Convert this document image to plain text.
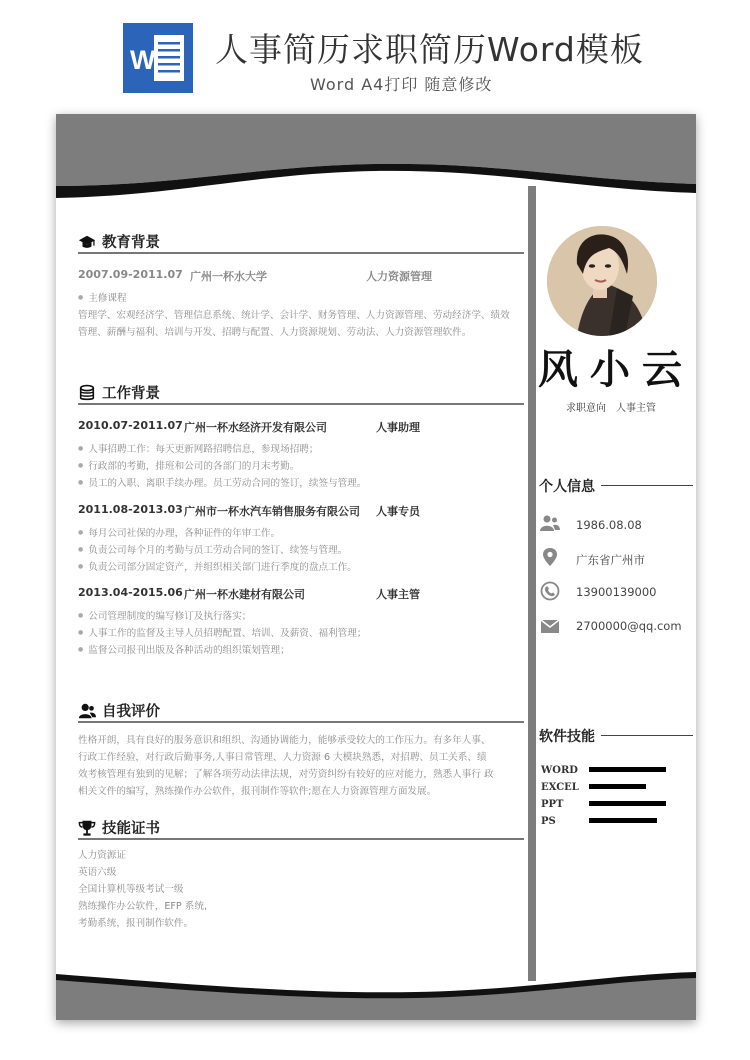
W 人事简历求职简历Word模板
Word A4打印 随意修改
教育背景
2007.09-2011.07 广州一杯水大学	人力资源管理
● 主修课程
管理学、宏观经济学、管理信息系统、统计学、会计学、财务管理、人力资源管理、劳动经济学、绩效管理、薪酬与福利、培训与开发、招聘与配置、人力资源规划、劳动法、人力资源管理软件。
工作背景
2010.07-2011.07 广州一杯水经济开发有限公司	人事助理
● 人事招聘工作：每天更新网路招聘信息，参现场招聘；
● 行政部的考勤，排班和公司的各部门的月末考勤。
● 员工的入职、离职手续办理。员工劳动合同的签订，续签与管理。
2011.08-2013.03 广州市一杯水汽车销售服务有限公司 人事专员
● 每月公司社保的办理，各种证件的年审工作。
● 负责公司每个月的考勤与员工劳动合同的签订、续签与管理。
● 负责公司部分固定资产，并组织相关部门进行季度的盘点工作。
2013.04-2015.06 广州一杯水建材有限公司	人事主管
● 公司管理制度的编写修订及执行落实；
● 人事工作的监督及主导人员招聘配置、培训、及薪资、福利管理；
● 监督公司报刊出版及各种活动的组织策划管理；
自我评价
性格开朗，具有良好的服务意识和组织、沟通协调能力，能够承受较大的工作压力。有多年人事、
行政工作经验，对行政后勤事务,人事日常管理、人力资源 6 大模块熟悉，对招聘、员工关系、绩
效考核管理有独到的见解；了解各项劳动法律法规，对劳资纠纷有较好的应对能力，熟悉人事行 政
相关文件的编写，熟练操作办公软件，报刊制作等软件;愿在人力资源管理方面发展。
技能证书
人力资源证
英语六级
全国计算机等级考试一级
熟练操作办公软件，EFP 系统,
考勤系统，报刊制作软件。
风小云
求职意向 人事主管
个人信息
1986.08.08
广东省广州市
13900139000
2700000@qq.com
软件技能
WORD
EXCEL
PPT
PS
